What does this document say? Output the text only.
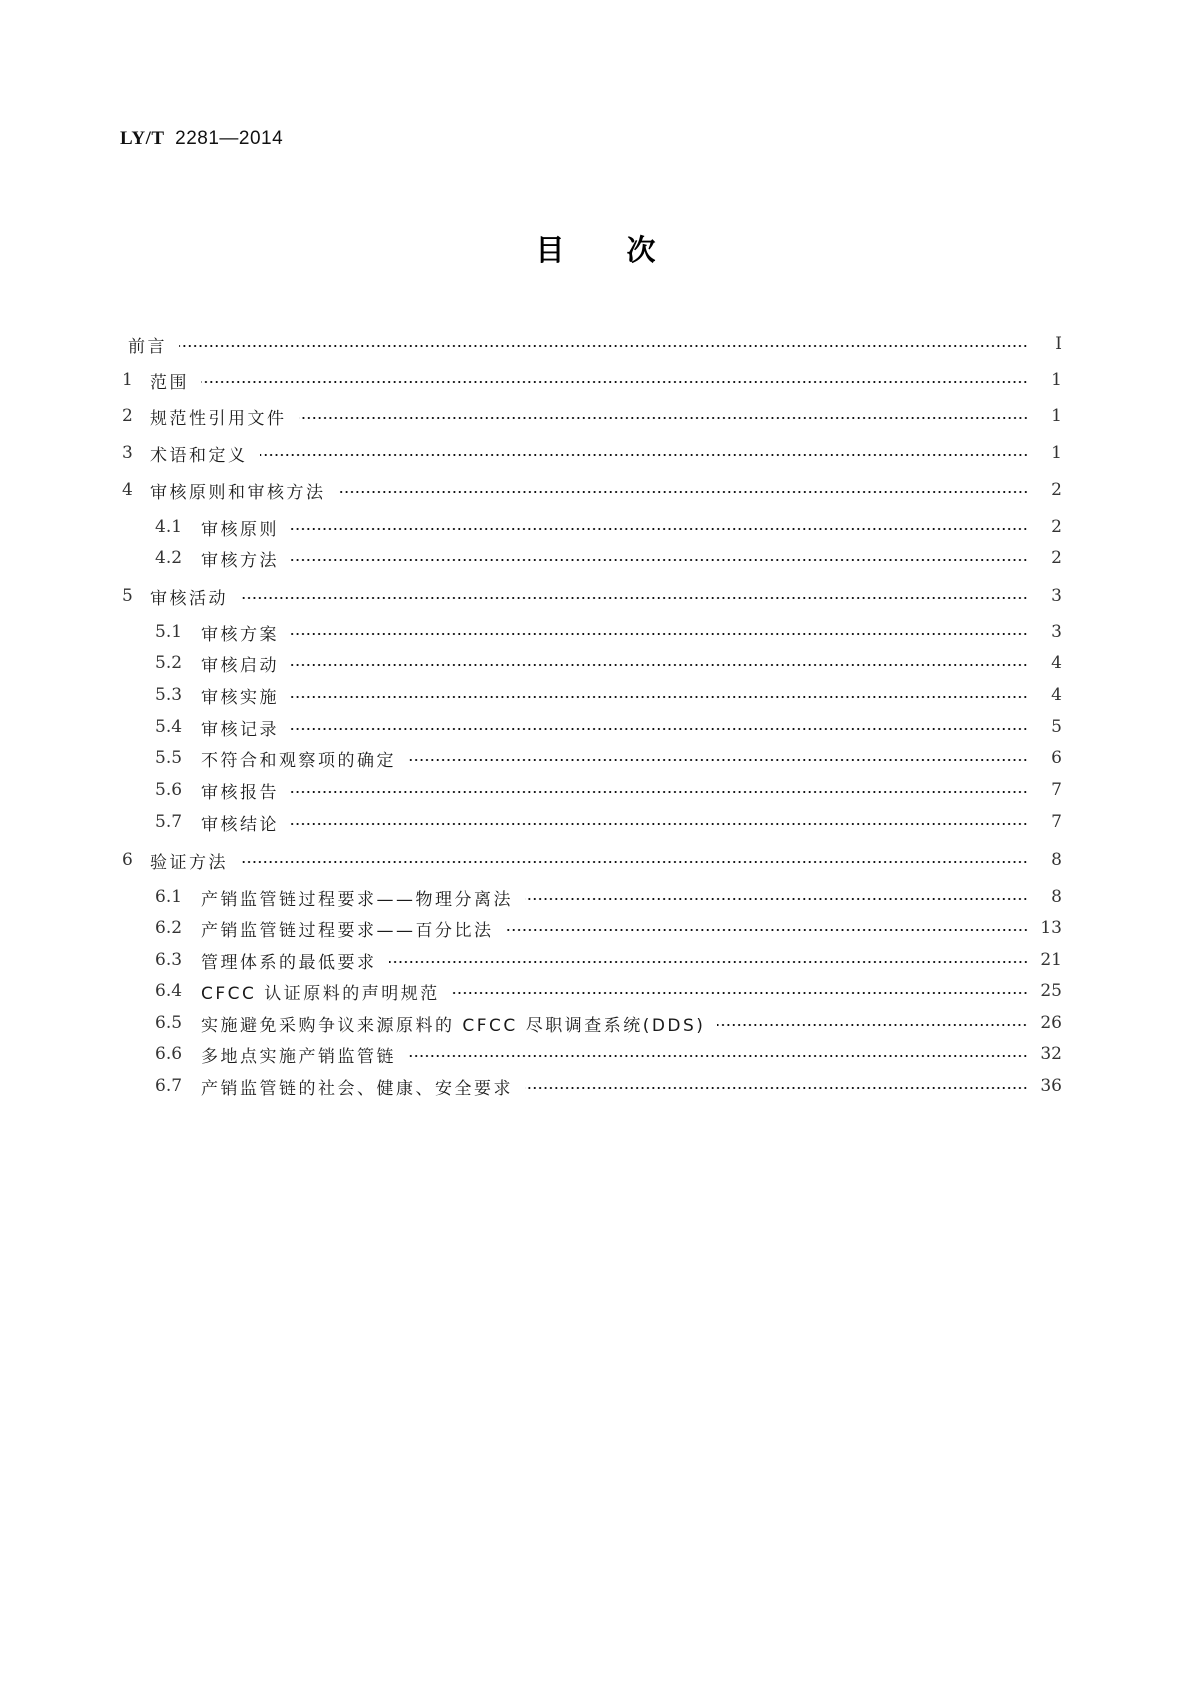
LY/T 2281—2014
目 次
前言	Ⅰ
1	范围	1
2	规范性引用文件	1
3	术语和定义	1
4	审核原则和审核方法	2
4.1	审核原则	2
4.2	审核方法	2
5	审核活动	3
5.1	审核方案	3
5.2	审核启动	4
5.3	审核实施	4
5.4	审核记录	5
5.5	不符合和观察项的确定	6
5.6	审核报告	7
5.7	审核结论	7
6	验证方法	8
6.1	产销监管链过程要求——物理分离法	8
6.2	产销监管链过程要求——百分比法	13
6.3	管理体系的最低要求	21
6.4	CFCC 认证原料的声明规范	25
6.5	实施避免采购争议来源原料的 CFCC 尽职调查系统(DDS)	26
6.6	多地点实施产销监管链	32
6.7	产销监管链的社会、健康、安全要求	36
